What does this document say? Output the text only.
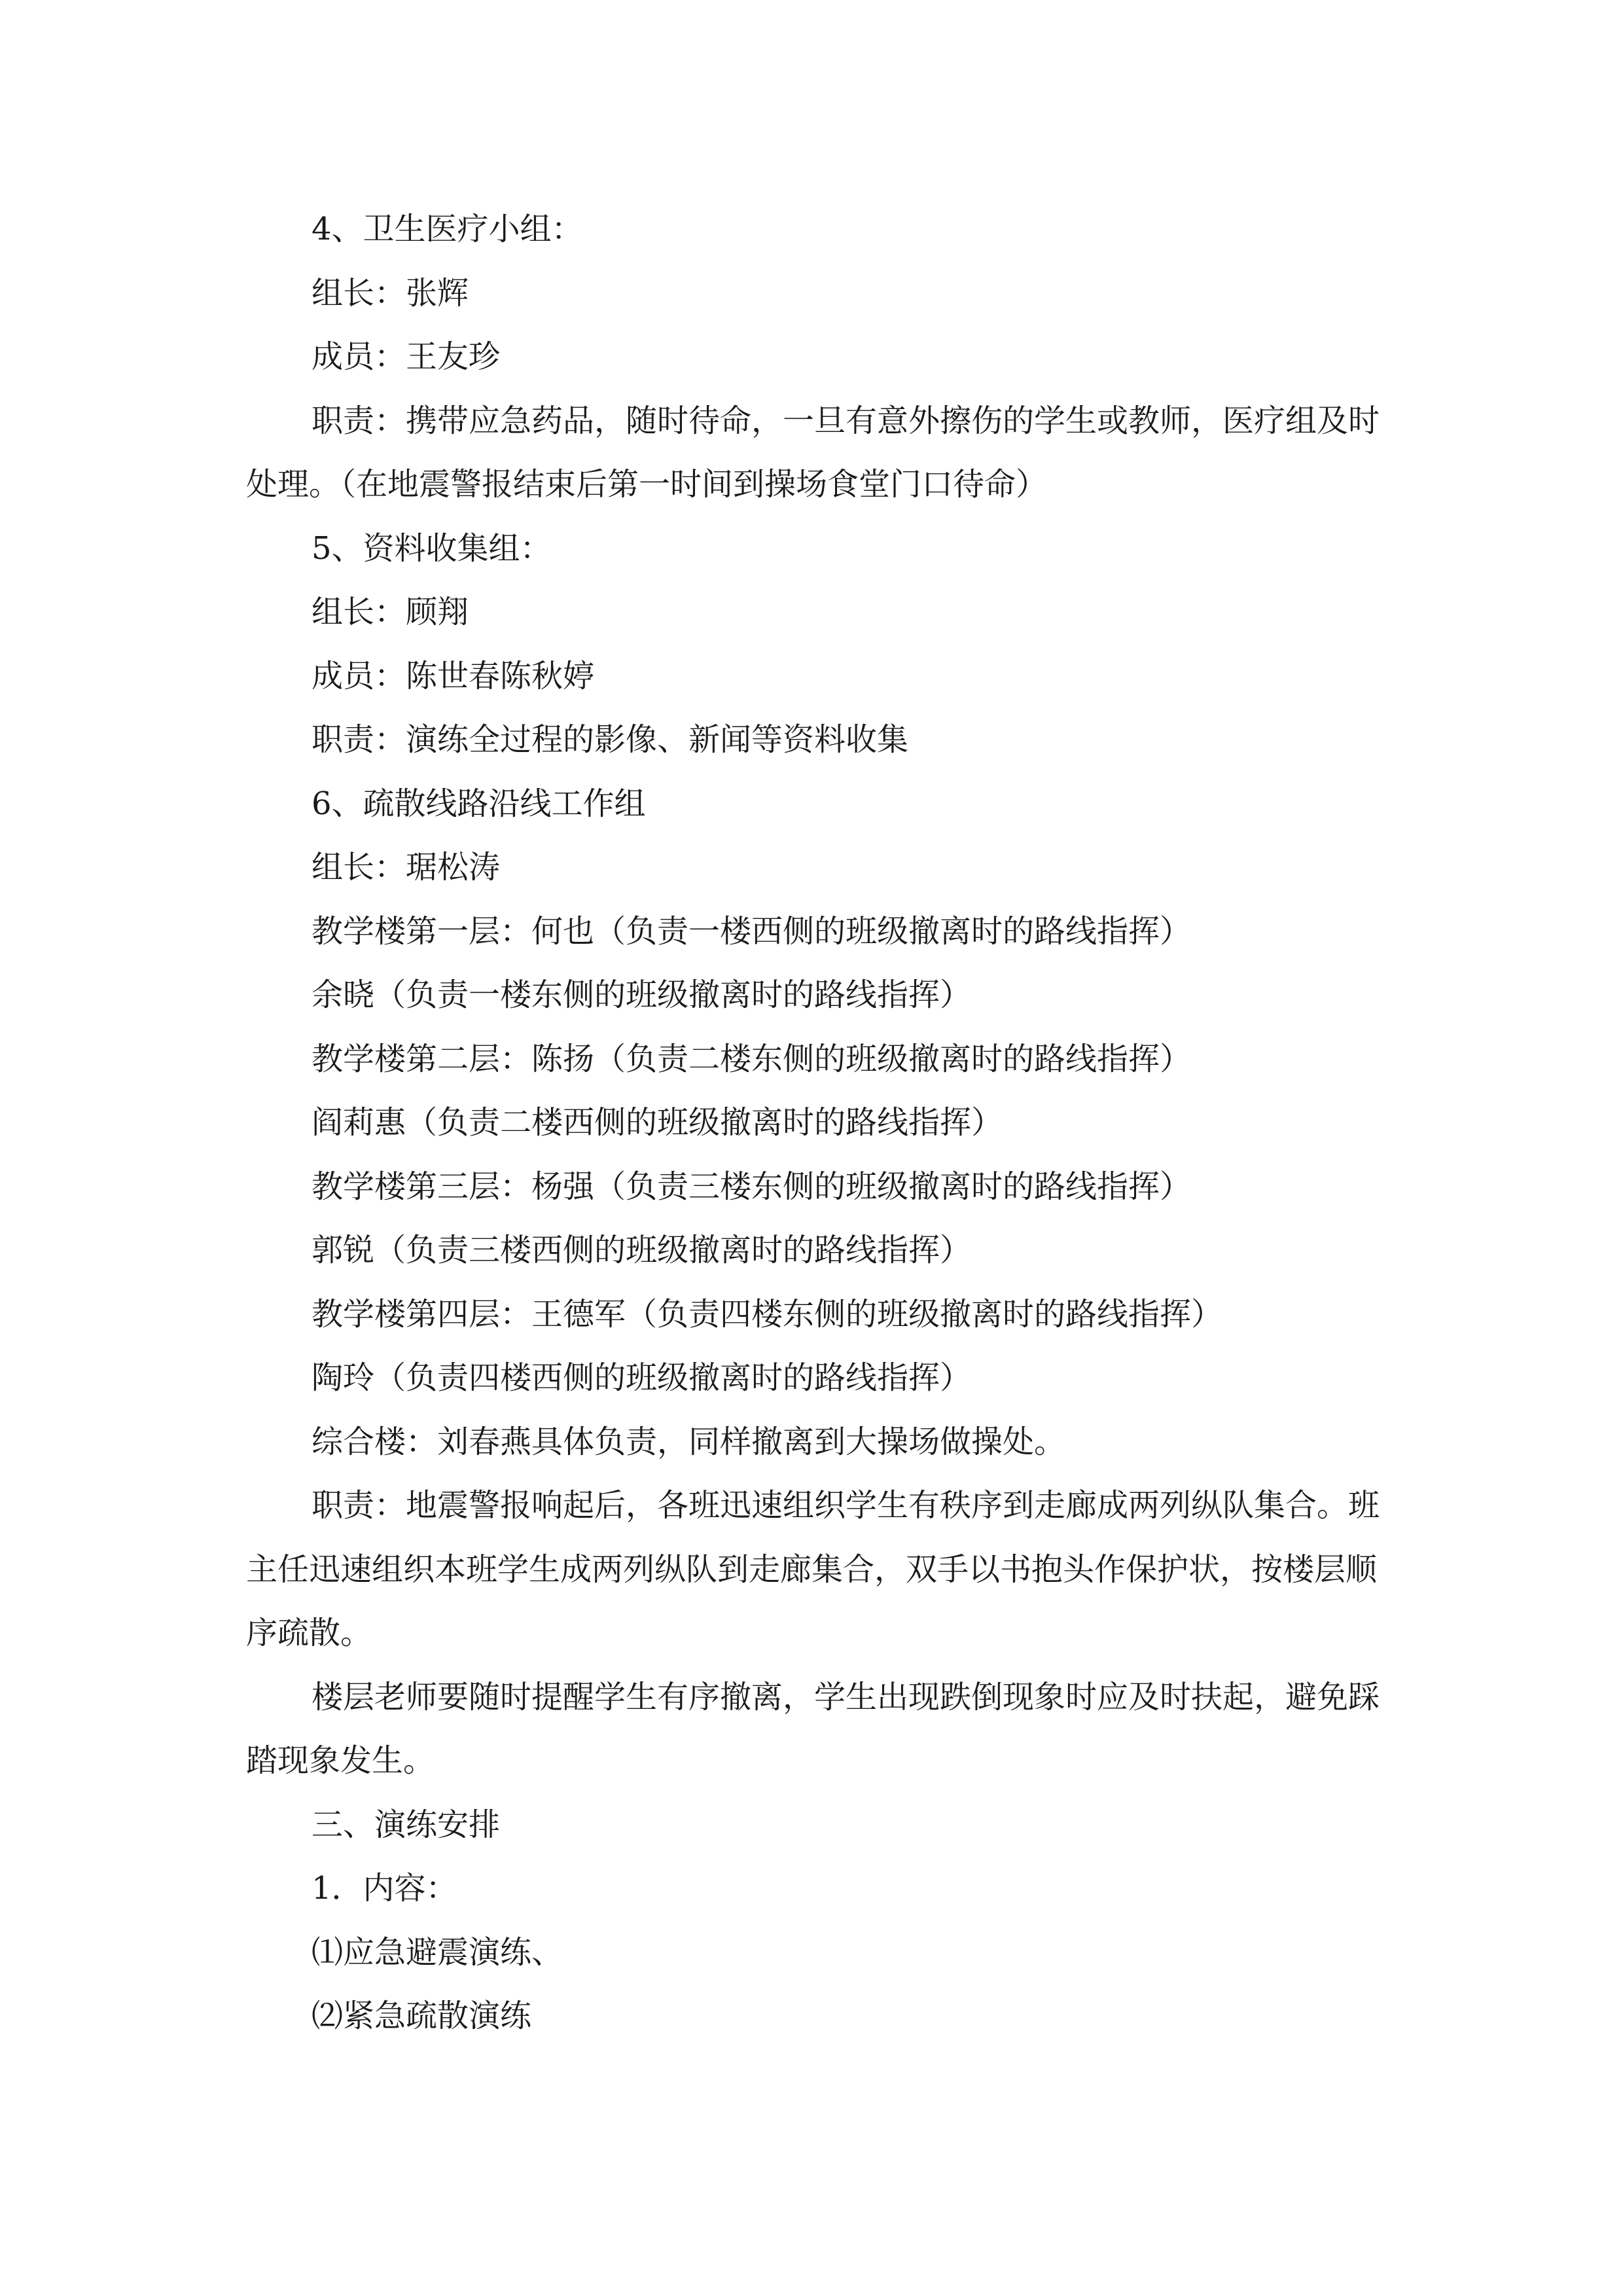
4、卫生医疗小组：

组长：张辉

成员：王友珍

职责：携带应急药品，随时待命，一旦有意外擦伤的学生或教师，医疗组及时处理。（在地震警报结束后第一时间到操场食堂门口待命）

5、资料收集组：

组长：顾翔

成员：陈世春陈秋婷

职责：演练全过程的影像、新闻等资料收集

6、疏散线路沿线工作组

组长：琚松涛

教学楼第一层：何也（负责一楼西侧的班级撤离时的路线指挥）

余晓（负责一楼东侧的班级撤离时的路线指挥）

教学楼第二层：陈扬（负责二楼东侧的班级撤离时的路线指挥）

阎莉惠（负责二楼西侧的班级撤离时的路线指挥）

教学楼第三层：杨强（负责三楼东侧的班级撤离时的路线指挥）

郭锐（负责三楼西侧的班级撤离时的路线指挥）

教学楼第四层：王德军（负责四楼东侧的班级撤离时的路线指挥）

陶玲（负责四楼西侧的班级撤离时的路线指挥）

综合楼：刘春燕具体负责，同样撤离到大操场做操处。

职责：地震警报响起后，各班迅速组织学生有秩序到走廊成两列纵队集合。班主任迅速组织本班学生成两列纵队到走廊集合，双手以书抱头作保护状，按楼层顺序疏散。

楼层老师要随时提醒学生有序撤离，学生出现跌倒现象时应及时扶起，避免踩踏现象发生。

三、演练安排

1．内容：

⑴应急避震演练、

⑵紧急疏散演练
